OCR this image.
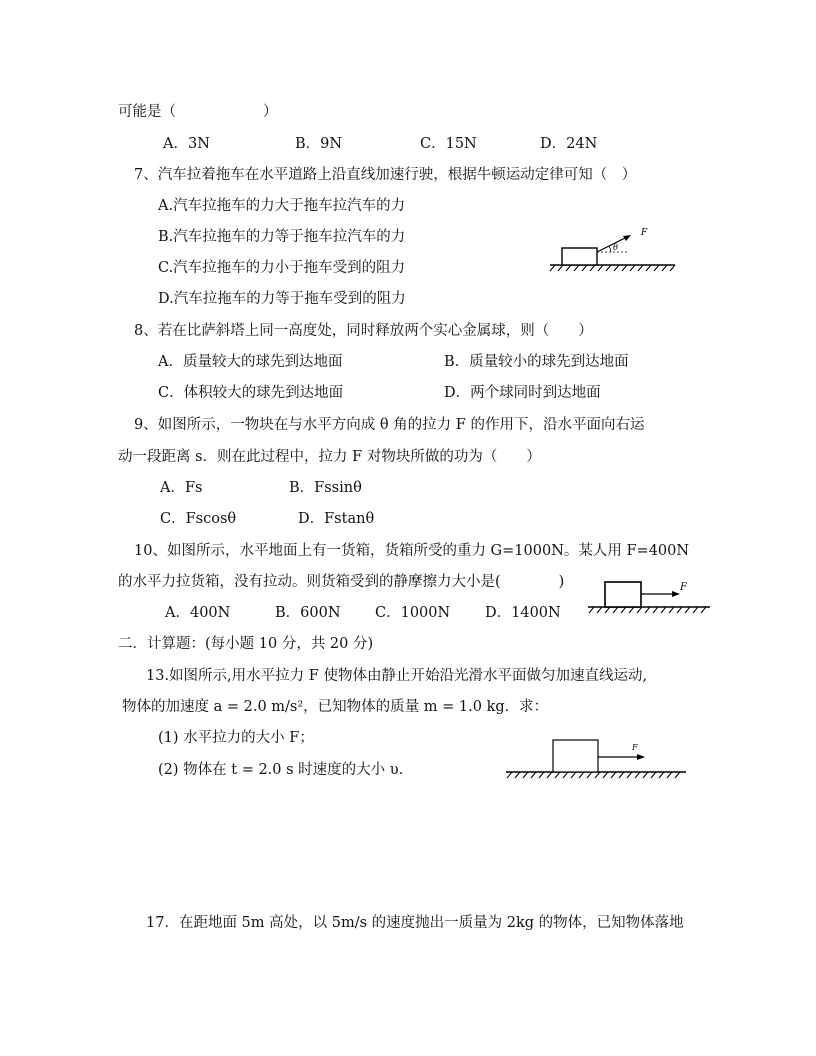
可能是（　　　　　　）
A．3N	B．9N	C．15N	D．24N
7、汽车拉着拖车在水平道路上沿直线加速行驶，根据牛顿运动定律可知（　）
A.汽车拉拖车的力大于拖车拉汽车的力
B.汽车拉拖车的力等于拖车拉汽车的力
C.汽车拉拖车的力小于拖车受到的阻力
D.汽车拉拖车的力等于拖车受到的阻力
θ
F
8、若在比萨斜塔上同一高度处，同时释放两个实心金属球，则（　　）
A．质量较大的球先到达地面	B．质量较小的球先到达地面
C．体积较大的球先到达地面	D．两个球同时到达地面
9、如图所示，一物块在与水平方向成 θ 角的拉力 F 的作用下，沿水平面向右运
动一段距离 s．则在此过程中，拉力 F 对物块所做的功为（　　）
A．Fs	B．Fssinθ
C．Fscosθ	D．Fstanθ
10、如图所示，水平地面上有一货箱，货箱所受的重力 G=1000N。某人用 F=400N
的水平力拉货箱，没有拉动。则货箱受到的静摩擦力大小是(　　　　)
A．400N	B．600N C．1000N D．1400N
F
二．计算题：(每小题 10 分，共 20 分)
13.如图所示,用水平拉力 F 使物体由静止开始沿光滑水平面做匀加速直线运动,
物体的加速度 a = 2.0 m/s²，已知物体的质量 m = 1.0 kg．求：
(1) 水平拉力的大小 F；
(2) 物体在 t = 2.0 s 时速度的大小 υ．
F
17．在距地面 5m 高处，以 5m/s 的速度抛出一质量为 2kg 的物体，已知物体落地
